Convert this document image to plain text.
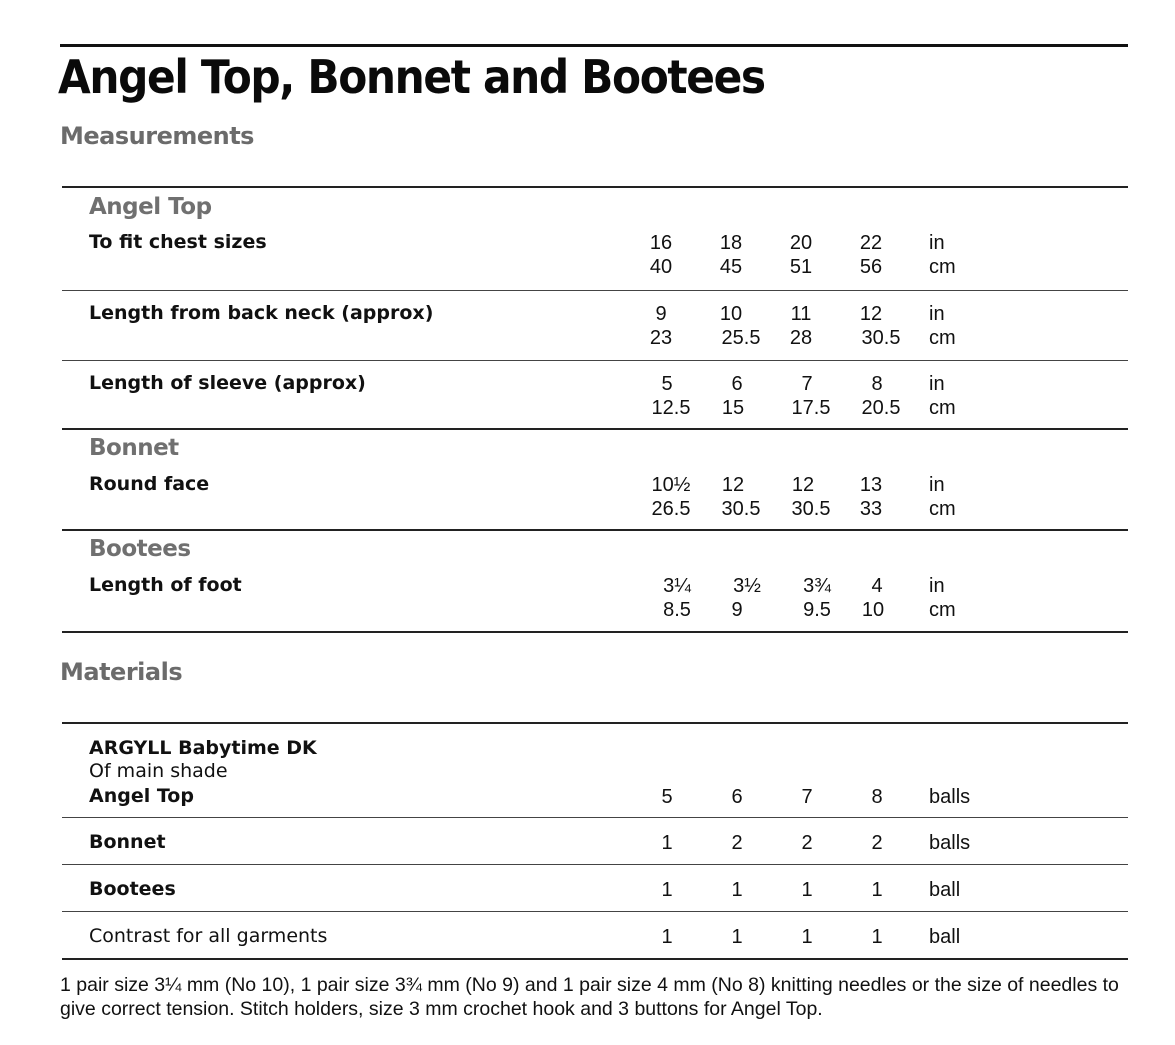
Angel Top, Bonnet and Bootees
Measurements
Angel Top
To fit chest sizes	16	18	20	22	in
40	45	51	56	cm
Length from back neck (approx)	9	10	11	12	in
23	25.5	28	30.5	cm
Length of sleeve (approx)	5	6	7	8	in
12.5	15	17.5	20.5	cm
Bonnet
Round face	10½	12	12	13	in
26.5	30.5	30.5	33	cm
Bootees
Length of foot	3¼	3½	3¾	4	in
8.5	9	9.5	10	cm
Materials
ARGYLL Babytime DK
Of main shade
Angel Top	5	6	7	8	balls
Bonnet	1	2	2	2	balls
Bootees	1	1	1	1	ball
Contrast for all garments	1	1	1	1	ball
1 pair size 3¼ mm (No 10), 1 pair size 3¾ mm (No 9) and 1 pair size 4 mm (No 8) knitting needles or the size of needles to give correct tension. Stitch holders, size 3 mm crochet hook and 3 buttons for Angel Top.
